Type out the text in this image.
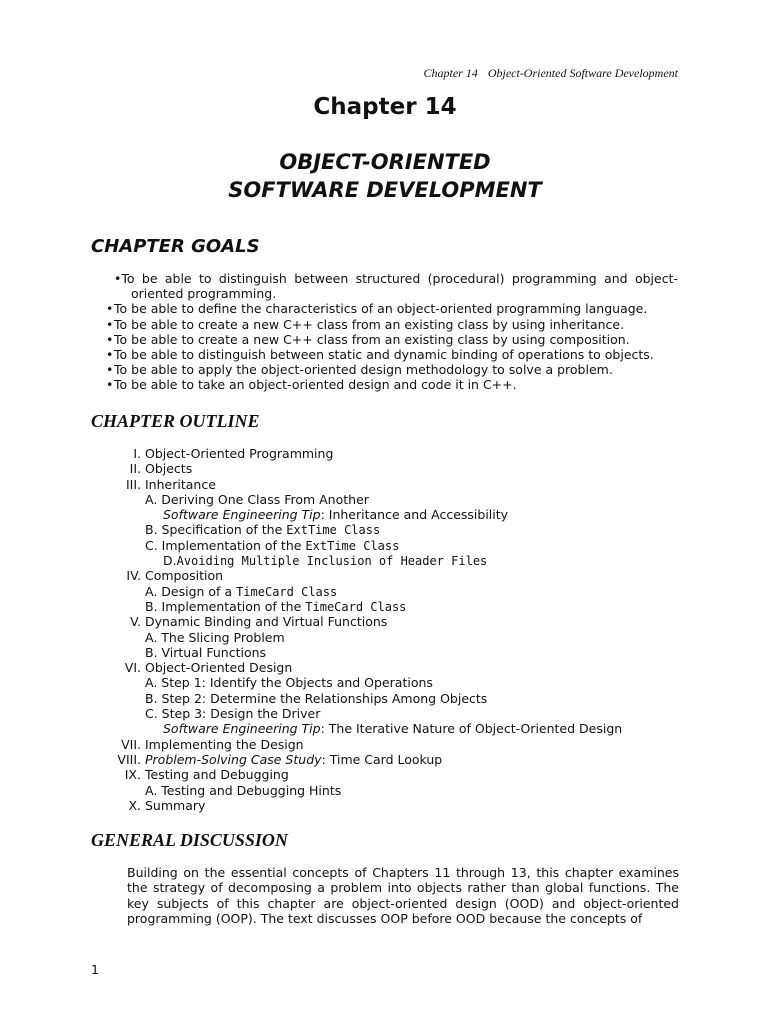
Chapter 14 Object-Oriented Software Development
Chapter 14
OBJECT-ORIENTED
SOFTWARE DEVELOPMENT
CHAPTER GOALS
•To be able to distinguish between structured (procedural) programming and object-oriented programming.
• To be able to define the characteristics of an object-oriented programming language.
• To be able to create a new C++ class from an existing class by using inheritance.
• To be able to create a new C++ class from an existing class by using composition.
• To be able to distinguish between static and dynamic binding of operations to objects.
• To be able to apply the object-oriented design methodology to solve a problem.
• To be able to take an object-oriented design and code it in C++.
CHAPTER OUTLINE
I. Object-Oriented Programming
II. Objects
III. Inheritance
A. Deriving One Class From Another
Software Engineering Tip: Inheritance and Accessibility
B. Specification of the ExtTime Class
C. Implementation of the ExtTime Class
D.Avoiding Multiple Inclusion of Header Files
IV. Composition
A. Design of a TimeCard Class
B. Implementation of the TimeCard Class
V. Dynamic Binding and Virtual Functions
A. The Slicing Problem
B. Virtual Functions
VI. Object-Oriented Design
A. Step 1: Identify the Objects and Operations
B. Step 2: Determine the Relationships Among Objects
C. Step 3: Design the Driver
Software Engineering Tip: The Iterative Nature of Object-Oriented Design
VII. Implementing the Design
VIII. Problem-Solving Case Study: Time Card Lookup
IX. Testing and Debugging
A. Testing and Debugging Hints
X. Summary
GENERAL DISCUSSION

Building on the essential concepts of Chapters 11 through 13, this chapter examines the strategy of decomposing a problem into objects rather than global functions. The key subjects of this chapter are object-oriented design (OOD) and object-oriented programming (OOP). The text discusses OOP before OOD because the concepts of

1
